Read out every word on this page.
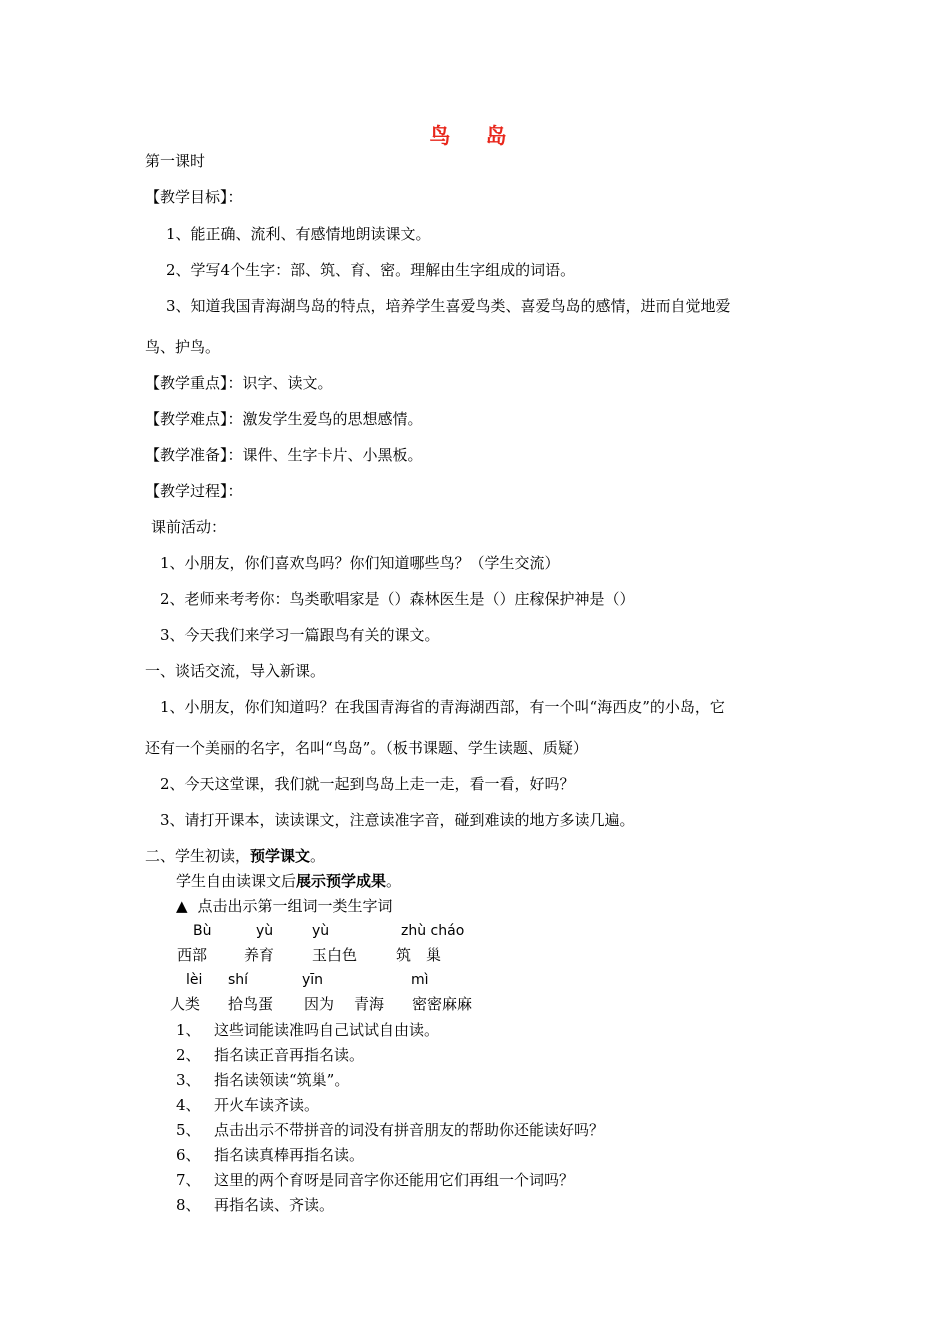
鸟 岛
第一课时
【教学目标】：
1、能正确、流利、有感情地朗读课文。
2、学写4个生字：部、筑、育、密。理解由生字组成的词语。
3、知道我国青海湖鸟岛的特点，培养学生喜爱鸟类、喜爱鸟岛的感情，进而自觉地爱
鸟、护鸟。
【教学重点】：识字、读文。
【教学难点】：激发学生爱鸟的思想感情。
【教学准备】：课件、生字卡片、小黑板。
【教学过程】：
课前活动：
1、小朋友，你们喜欢鸟吗？你们知道哪些鸟？（学生交流）
2、老师来考考你：鸟类歌唱家是（）森林医生是（）庄稼保护神是（）
3、今天我们来学习一篇跟鸟有关的课文。
一、谈话交流，导入新课。
1、小朋友，你们知道吗？在我国青海省的青海湖西部，有一个叫“海西皮”的小岛，它
还有一个美丽的名字，名叫“鸟岛”。（板书课题、学生读题、质疑）
2、今天这堂课，我们就一起到鸟岛上走一走，看一看，好吗？
3、请打开课本，读读课文，注意读准字音，碰到难读的地方多读几遍。
二、学生初读，预学课文。
学生自由读课文后展示预学成果。
▲ 点击出示第一组词一类生字词
Bù	yù	yù	zhù cháo
西部 养育	玉白色	筑　巢
lèi shí	yīn	mì
人类 拾鸟蛋 因为 青海 密密麻麻
1、 这些词能读准吗自己试试自由读。
2、 指名读正音再指名读。
3、 指名读领读“筑巢”。
4、 开火车读齐读。
5、 点击出示不带拼音的词没有拼音朋友的帮助你还能读好吗？
6、 指名读真棒再指名读。
7、 这里的两个育呀是同音字你还能用它们再组一个词吗？
8、 再指名读、齐读。
